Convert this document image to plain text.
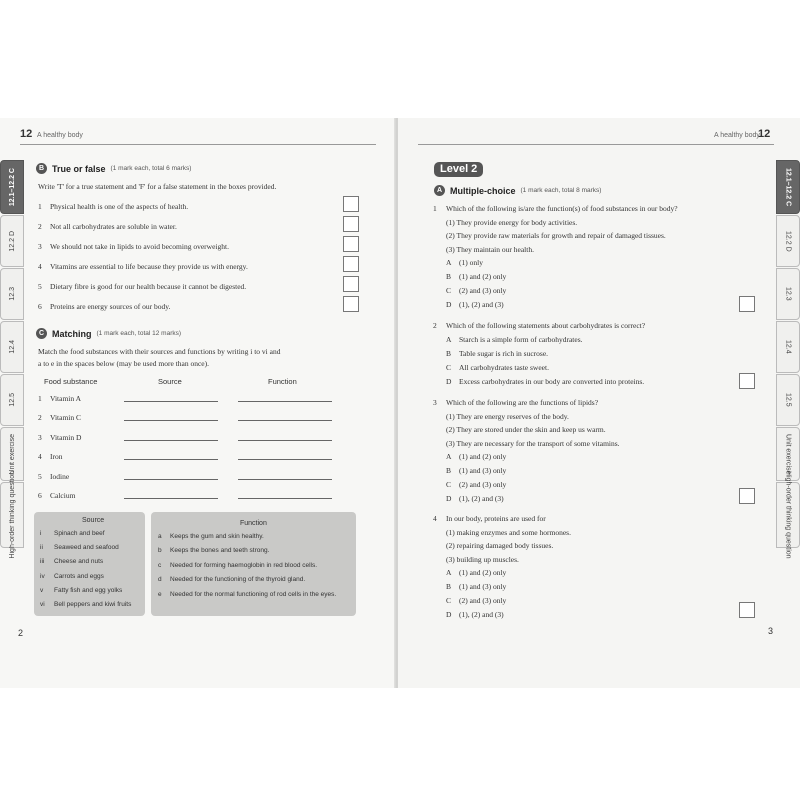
12 A healthy body
B True or false (1 mark each, total 6 marks)
Write 'T' for a true statement and 'F' for a false statement in the boxes provided.
1 Physical health is one of the aspects of health.
2 Not all carbohydrates are soluble in water.
3 We should not take in lipids to avoid becoming overweight.
4 Vitamins are essential to life because they provide us with energy.
5 Dietary fibre is good for our health because it cannot be digested.
6 Proteins are energy sources of our body.
C Matching (1 mark each, total 12 marks)
Match the food substances with their sources and functions by writing i to vi and
a to e in the spaces below (may be used more than once).
Food substance	Source	Function
1 Vitamin A
2 Vitamin C
3 Vitamin D
4 Iron
5 Iodine
6 Calcium
Source
i Spinach and beef
ii Seaweed and seafood
iii Cheese and nuts
iv Carrots and eggs
v Fatty fish and egg yolks
vi Bell peppers and kiwi fruits
Function
a Keeps the gum and skin healthy.
b Keeps the bones and teeth strong.
c Needed for forming haemoglobin in red blood cells.
d Needed for the functioning of the thyroid gland.
e Needed for the normal functioning of rod cells in the eyes.
2
12.1–12.2 C
12.2 D
12.3
12.4
12.5
Unit exercise
High-order thinking question
A healthy body
12
Level 2
A Multiple-choice (1 mark each, total 8 marks)
1 Which of the following is/are the function(s) of food substances in our body?
(1) They provide energy for body activities.
(2) They provide raw materials for growth and repair of damaged tissues.
(3) They maintain our health.
A (1) only
B (1) and (2) only
C (2) and (3) only
D (1), (2) and (3)
2 Which of the following statements about carbohydrates is correct?
A Starch is a simple form of carbohydrates.
B Table sugar is rich in sucrose.
C All carbohydrates taste sweet.
D Excess carbohydrates in our body are converted into proteins.
3 Which of the following are the functions of lipids?
(1) They are energy reserves of the body.
(2) They are stored under the skin and keep us warm.
(3) They are necessary for the transport of some vitamins.
A (1) and (2) only
B (1) and (3) only
C (2) and (3) only
D (1), (2) and (3)
4 In our body, proteins are used for
(1) making enzymes and some hormones.
(2) repairing damaged body tissues.
(3) building up muscles.
A (1) and (2) only
B (1) and (3) only
C (2) and (3) only
D (1), (2) and (3)
3
12.1–12.2 C
12.2 D
12.3
12.4
12.5
Unit exercise
High-order thinking question
